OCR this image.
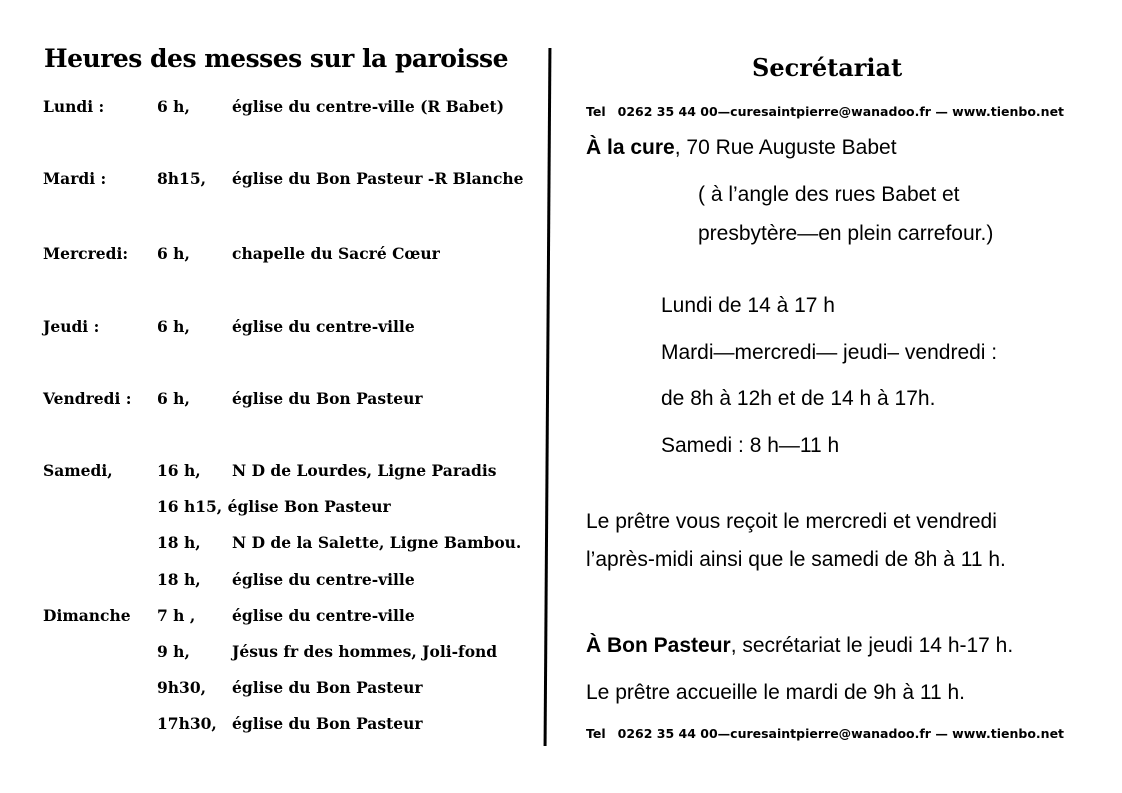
Heures des messes sur la paroisse
Lundi :	6 h,	église du centre-ville (R Babet)
Mardi :	8h15, église du Bon Pasteur -R Blanche
Mercredi: 6 h,	chapelle du Sacré Cœur
Jeudi :	6 h,	église du centre-ville
Vendredi : 6 h,	église du Bon Pasteur
Samedi,	16 h, N D de Lourdes, Ligne Paradis
16 h15, église Bon Pasteur
18 h, N D de la Salette, Ligne Bambou.
18 h, église du centre-ville
Dimanche 7 h , église du centre-ville
9 h,	Jésus fr des hommes, Joli-fond
9h30, église du Bon Pasteur
17h30, église du Bon Pasteur
Secrétariat
Tel 0262 35 44 00—curesaintpierre@wanadoo.fr — www.tienbo.net
À la cure, 70 Rue Auguste Babet
( à l’angle des rues Babet et
presbytère—en plein carrefour.)
Lundi de 14 à 17 h
Mardi—mercredi— jeudi– vendredi :
de 8h à 12h et de 14 h à 17h.
Samedi : 8 h—11 h
Le prêtre vous reçoit le mercredi et vendredi
l’après-midi ainsi que le samedi de 8h à 11 h.
À Bon Pasteur, secrétariat le jeudi 14 h-17 h.
Le prêtre accueille le mardi de 9h à 11 h.
Tel 0262 35 44 00—curesaintpierre@wanadoo.fr — www.tienbo.net
